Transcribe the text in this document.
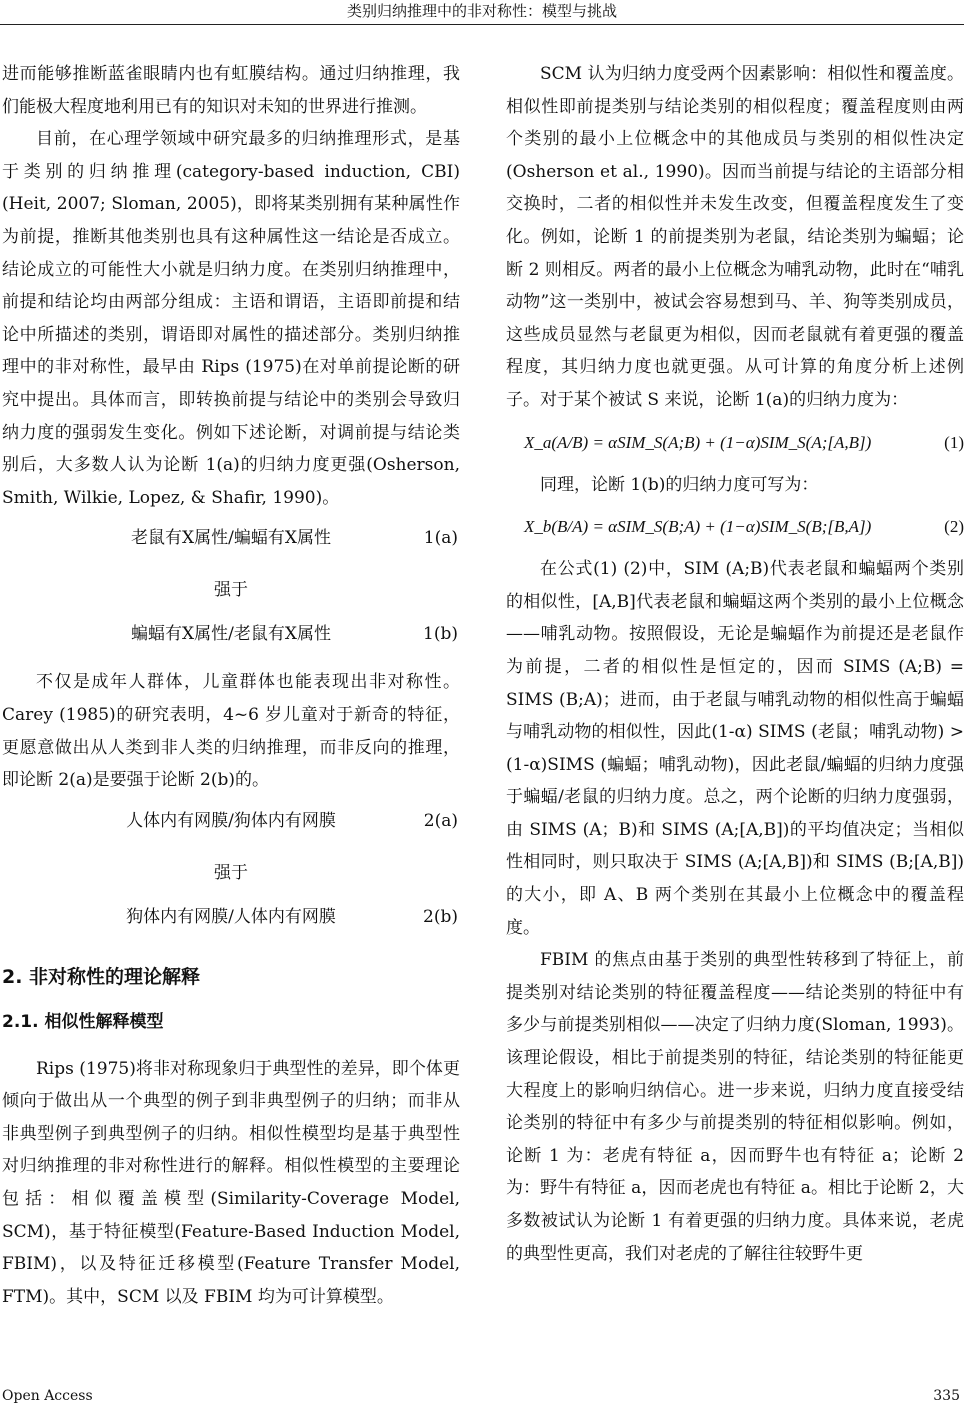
类别归纳推理中的非对称性：模型与挑战

进而能够推断蓝雀眼睛内也有虹膜结构。通过归纳推理，我们能极大程度地利用已有的知识对未知的世界进行推测。

目前，在心理学领域中研究最多的归纳推理形式，是基于类别的归纳推理(category-based induction, CBI) (Heit, 2007; Sloman, 2005)，即将某类别拥有某种属性作为前提，推断其他类别也具有这种属性这一结论是否成立。结论成立的可能性大小就是归纳力度。在类别归纳推理中，前提和结论均由两部分组成：主语和谓语，主语即前提和结论中所描述的类别，谓语即对属性的描述部分。类别归纳推理中的非对称性，最早由 Rips (1975)在对单前提论断的研究中提出。具体而言，即转换前提与结论中的类别会导致归纳力度的强弱发生变化。例如下述论断，对调前提与结论类别后，大多数人认为论断 1(a)的归纳力度更强(Osherson, Smith, Wilkie, Lopez, & Shafir, 1990)。

老鼠有X属性/蝙蝠有X属性	1(a)
强于
蝙蝠有X属性/老鼠有X属性	1(b)

不仅是成年人群体，儿童群体也能表现出非对称性。Carey (1985)的研究表明，4~6 岁儿童对于新奇的特征，更愿意做出从人类到非人类的归纳推理，而非反向的推理，即论断 2(a)是要强于论断 2(b)的。

人体内有网膜/狗体内有网膜	2(a)
强于
狗体内有网膜/人体内有网膜	2(b)
2. 非对称性的理论解释
2.1. 相似性解释模型

Rips (1975)将非对称现象归于典型性的差异，即个体更倾向于做出从一个典型的例子到非典型例子的归纳；而非从非典型例子到典型例子的归纳。相似性模型均是基于典型性对归纳推理的非对称性进行的解释。相似性模型的主要理论包括：相似覆盖模型(Similarity-Coverage Model, SCM)，基于特征模型(Feature-Based Induction Model, FBIM)，以及特征迁移模型(Feature Transfer Model, FTM)。其中，SCM 以及 FBIM 均为可计算模型。

SCM 认为归纳力度受两个因素影响：相似性和覆盖度。相似性即前提类别与结论类别的相似程度；覆盖程度则由两个类别的最小上位概念中的其他成员与类别的相似性决定(Osherson et al., 1990)。因而当前提与结论的主语部分相交换时，二者的相似性并未发生改变，但覆盖程度发生了变化。例如，论断 1 的前提类别为老鼠，结论类别为蝙蝠；论断 2 则相反。两者的最小上位概念为哺乳动物，此时在“哺乳动物”这一类别中，被试会容易想到马、羊、狗等类别成员，这些成员显然与老鼠更为相似，因而老鼠就有着更强的覆盖程度，其归纳力度也就更强。从可计算的角度分析上述例子。对于某个被试 S 来说，论断 1(a)的归纳力度为：

X_a(A/B) = αSIM_S(A;B) + (1−α)SIM_S(A;[A,B])	(1)

同理，论断 1(b)的归纳力度可写为：

X_b(B/A) = αSIM_S(B;A) + (1−α)SIM_S(B;[B,A])	(2)

在公式(1) (2)中，SIM (A;B)代表老鼠和蝙蝠两个类别的相似性，[A,B]代表老鼠和蝙蝠这两个类别的最小上位概念——哺乳动物。按照假设，无论是蝙蝠作为前提还是老鼠作为前提，二者的相似性是恒定的，因而 SIMS (A;B) = SIMS (B;A)；进而，由于老鼠与哺乳动物的相似性高于蝙蝠与哺乳动物的相似性，因此(1-α) SIMS (老鼠；哺乳动物) > (1-α)SIMS (蝙蝠；哺乳动物)，因此老鼠/蝙蝠的归纳力度强于蝙蝠/老鼠的归纳力度。总之，两个论断的归纳力度强弱，由 SIMS (A；B)和 SIMS (A;[A,B])的平均值决定；当相似性相同时，则只取决于 SIMS (A;[A,B])和 SIMS (B;[A,B])的大小，即 A、B 两个类别在其最小上位概念中的覆盖程度。

FBIM 的焦点由基于类别的典型性转移到了特征上，前提类别对结论类别的特征覆盖程度——结论类别的特征中有多少与前提类别相似——决定了归纳力度(Sloman, 1993)。该理论假设，相比于前提类别的特征，结论类别的特征能更大程度上的影响归纳信心。进一步来说，归纳力度直接受结论类别的特征中有多少与前提类别的特征相似影响。例如，论断 1 为：老虎有特征 a，因而野牛也有特征 a；论断 2 为：野牛有特征 a，因而老虎也有特征 a。相比于论断 2，大多数被试认为论断 1 有着更强的归纳力度。具体来说，老虎的典型性更高，我们对老虎的了解往往较野牛更

Open Access	335
